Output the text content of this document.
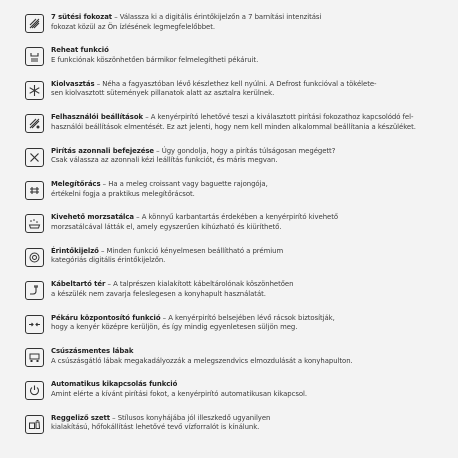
7 sütési fokozat – Válassza ki a digitális érintőkijelzőn a 7 barnítási intenzitási
fokozat közül az Ön ízlésének legmegfelelőbbet.
Reheat funkció
E funkciónak köszönhetően bármikor felmelegítheti pékáruit.
Kiolvasztás – Néha a fagyasztóban lévő készlethez kell nyúlni. A Defrost funkcióval a tökélete-
sen kiolvasztott sütemények pillanatok alatt az asztalra kerülnek.
Felhasználói beállítások – A kenyérpirító lehetővé teszi a kiválasztott pirítási fokozathoz kapcsolódó fel-
használói beállítások elmentését. Ez azt jelenti, hogy nem kell minden alkalommal beállítania a készüléket.
Pirítás azonnali befejezése – Úgy gondolja, hogy a pirítás túlságosan megégett?
Csak válassza az azonnali kézi leállítás funkciót, és máris megvan.
Melegítőrács – Ha a meleg croissant vagy baguette rajongója,
értékelni fogja a praktikus melegítőrácsot.
Kivehető morzsatálca – A könnyű karbantartás érdekében a kenyérpirító kivehető
morzsatálcával látták el, amely egyszerűen kihúzható és kiüríthető.
Érintőkijelző – Minden funkció kényelmesen beállítható a prémium
kategóriás digitális érintőkijelzőn.
Kábeltartó tér – A talprészen kialakított kábeltárolónak köszönhetően
a készülék nem zavarja feleslegesen a konyhapult használatát.
Pékáru központosító funkció – A kenyérpirító belsejében lévő rácsok biztosítják,
hogy a kenyér középre kerüljön, és így mindig egyenletesen süljön meg.
Csúszásmentes lábak
A csúszásgátló lábak megakadályozzák a melegszendvics elmozdulását a konyhapulton.
Automatikus kikapcsolás funkció
Amint elérte a kívánt pirítási fokot, a kenyérpirító automatikusan kikapcsol.
Reggeliző szett – Stílusos konyhájába jól illeszkedő ugyanilyen
kialakítású, hőfokállítást lehetővé tevő vízforralót is kínálunk.
